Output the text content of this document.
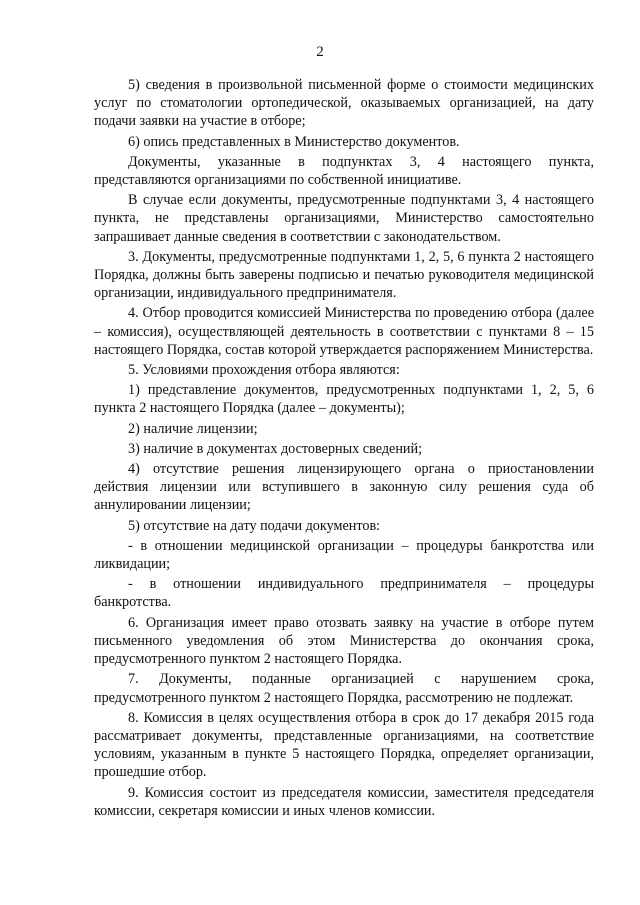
2

5) сведения в произвольной письменной форме о стоимости медицинских услуг по стоматологии ортопедической, оказываемых организацией, на дату подачи заявки на участие в отборе;

6) опись представленных в Министерство документов.

Документы, указанные в подпунктах 3, 4 настоящего пункта, представляются организациями по собственной инициативе.

В случае если документы, предусмотренные подпунктами 3, 4 настоящего пункта, не представлены организациями, Министерство самостоятельно запрашивает данные сведения в соответствии с законодательством.

3. Документы, предусмотренные подпунктами 1, 2, 5, 6 пункта 2 настоящего Порядка, должны быть заверены подписью и печатью руководителя медицинской организации, индивидуального предпринимателя.

4. Отбор проводится комиссией Министерства по проведению отбора (далее – комиссия), осуществляющей деятельность в соответствии с пунктами 8 – 15 настоящего Порядка, состав которой утверждается распоряжением Министерства.

5. Условиями прохождения отбора являются:

1) представление документов, предусмотренных подпунктами 1, 2, 5, 6 пункта 2 настоящего Порядка (далее – документы);

2) наличие лицензии;

3) наличие в документах достоверных сведений;

4) отсутствие решения лицензирующего органа о приостановлении действия лицензии или вступившего в законную силу решения суда об аннулировании лицензии;

5) отсутствие на дату подачи документов:

- в отношении медицинской организации – процедуры банкротства или ликвидации;

- в отношении индивидуального предпринимателя – процедуры банкротства.

6. Организация имеет право отозвать заявку на участие в отборе путем письменного уведомления об этом Министерства до окончания срока, предусмотренного пунктом 2 настоящего Порядка.

7. Документы, поданные организацией с нарушением срока, предусмотренного пунктом 2 настоящего Порядка, рассмотрению не подлежат.

8. Комиссия в целях осуществления отбора в срок до 17 декабря 2015 года рассматривает документы, представленные организациями, на соответствие условиям, указанным в пункте 5 настоящего Порядка, определяет организации, прошедшие отбор.

9. Комиссия состоит из председателя комиссии, заместителя председателя комиссии, секретаря комиссии и иных членов комиссии.
